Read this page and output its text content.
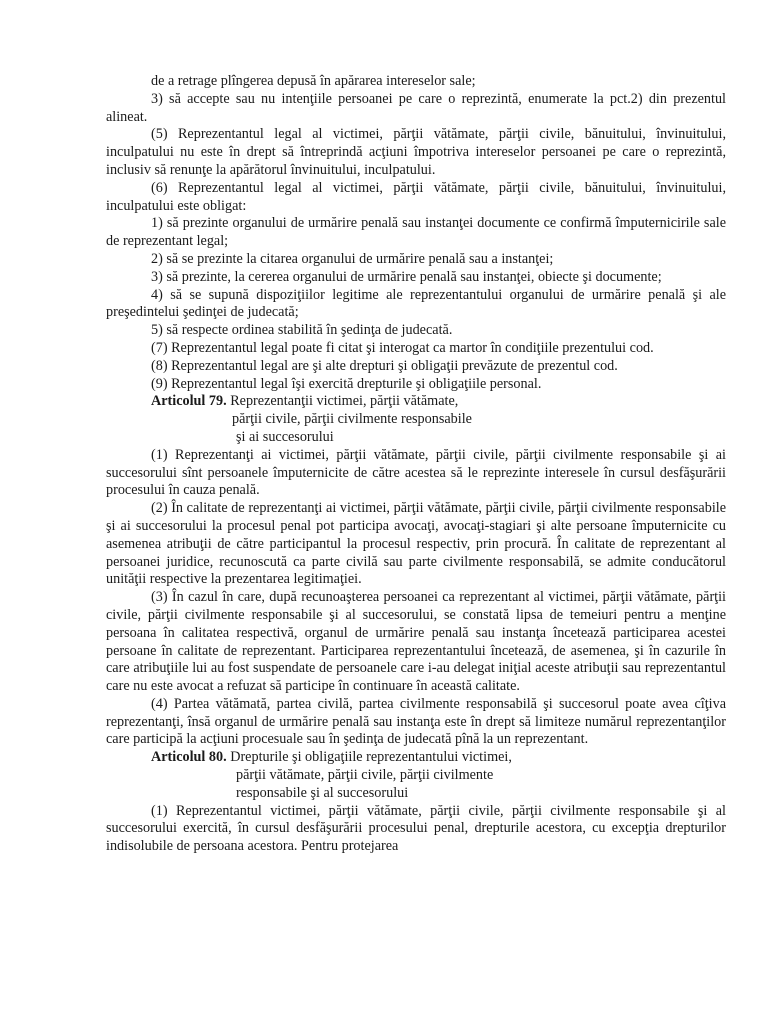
de a retrage plîngerea depusă în apărarea intereselor sale;

3) să accepte sau nu intenţiile persoanei pe care o reprezintă, enumerate la pct.2) din prezentul alineat.

(5) Reprezentantul legal al victimei, părţii vătămate, părţii civile, bănuitului, învinuitului, inculpatului nu este în drept să întreprindă acţiuni împotriva intereselor persoanei pe care o reprezintă, inclusiv să renunţe la apărătorul învinuitului, inculpatului.

(6) Reprezentantul legal al victimei, părţii vătămate, părţii civile, bănuitului, învinuitului, inculpatului este obligat:

1) să prezinte organului de urmărire penală sau instanţei documente ce confirmă împuternicirile sale de reprezentant legal;

2) să se prezinte la citarea organului de urmărire penală sau a instanţei;

3) să prezinte, la cererea organului de urmărire penală sau instanţei, obiecte şi documente;

4) să se supună dispoziţiilor legitime ale reprezentantului organului de urmărire penală şi ale preşedintelui şedinţei de judecată;

5) să respecte ordinea stabilită în şedinţa de judecată.

(7) Reprezentantul legal poate fi citat şi interogat ca martor în condiţiile prezentului cod.

(8) Reprezentantul legal are şi alte drepturi şi obligaţii prevăzute de prezentul cod.

(9) Reprezentantul legal îşi exercită drepturile şi obligaţiile personal.

Articolul 79. Reprezentanţii victimei, părţii vătămate,

părţii civile, părţii civilmente responsabile

şi ai succesorului

(1) Reprezentanţi ai victimei, părţii vătămate, părţii civile, părţii civilmente responsabile şi ai succesorului sînt persoanele împuternicite de către acestea să le reprezinte interesele în cursul desfăşurării procesului în cauza penală.

(2) În calitate de reprezentanţi ai victimei, părţii vătămate, părţii civile, părţii civilmente responsabile şi ai succesorului la procesul penal pot participa avocaţi, avocaţi-stagiari şi alte persoane împuternicite cu asemenea atribuţii de către participantul la procesul respectiv, prin procură. În calitate de reprezentant al persoanei juridice, recunoscută ca parte civilă sau parte civilmente responsabilă, se admite conducătorul unităţii respective la prezentarea legitimaţiei.

(3) În cazul în care, după recunoaşterea persoanei ca reprezentant al victimei, părţii vătămate, părţii civile, părţii civilmente responsabile şi al succesorului, se constată lipsa de temeiuri pentru a menţine persoana în calitatea respectivă, organul de urmărire penală sau instanţa încetează participarea acestei persoane în calitate de reprezentant. Participarea reprezentantului încetează, de asemenea, şi în cazurile în care atribuţiile lui au fost suspendate de persoanele care i-au delegat iniţial aceste atribuţii sau reprezentantul care nu este avocat a refuzat să participe în continuare în această calitate.

(4) Partea vătămată, partea civilă, partea civilmente responsabilă şi succesorul poate avea cîţiva reprezentanţi, însă organul de urmărire penală sau instanţa este în drept să limiteze numărul reprezentanţilor care participă la acţiuni procesuale sau în şedinţa de judecată pînă la un reprezentant.

Articolul 80. Drepturile şi obligaţiile reprezentantului victimei,

părţii vătămate, părţii civile, părţii civilmente

responsabile şi al succesorului

(1) Reprezentantul victimei, părţii vătămate, părţii civile, părţii civilmente responsabile şi al succesorului exercită, în cursul desfăşurării procesului penal, drepturile acestora, cu excepţia drepturilor indisolubile de persoana acestora. Pentru protejarea
